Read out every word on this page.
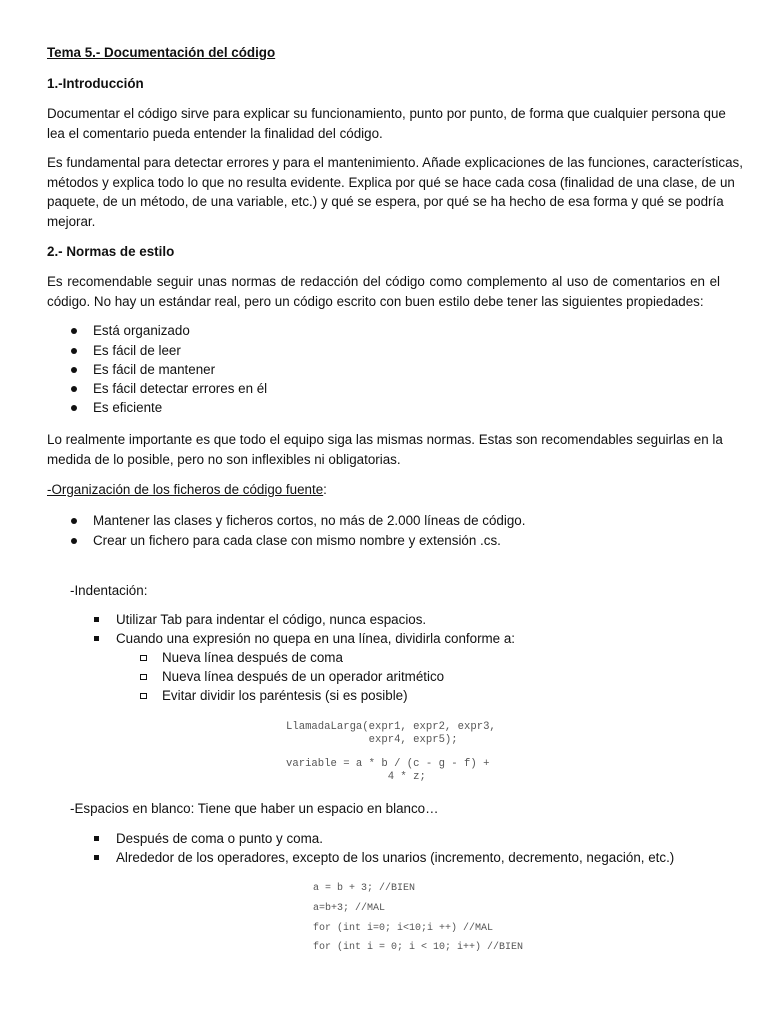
Tema 5.- Documentación del código
1.-Introducción
Documentar el código sirve para explicar su funcionamiento, punto por punto, de forma que cualquier persona que
lea el comentario pueda entender la finalidad del código.
Es fundamental para detectar errores y para el mantenimiento. Añade explicaciones de las funciones, características,
métodos y explica todo lo que no resulta evidente. Explica por qué se hace cada cosa (finalidad de una clase, de un
paquete, de un método, de una variable, etc.) y qué se espera, por qué se ha hecho de esa forma y qué se podría
mejorar.
2.- Normas de estilo
Es recomendable seguir unas normas de redacción del código como complemento al uso de comentarios en el
código. No hay un estándar real, pero un código escrito con buen estilo debe tener las siguientes propiedades:
Está organizado
Es fácil de leer
Es fácil de mantener
Es fácil detectar errores en él
Es eficiente
Lo realmente importante es que todo el equipo siga las mismas normas. Estas son recomendables seguirlas en la
medida de lo posible, pero no son inflexibles ni obligatorias.
-Organización de los ficheros de código fuente:
Mantener las clases y ficheros cortos, no más de 2.000 líneas de código.
Crear un fichero para cada clase con mismo nombre y extensión .cs.
-Indentación:
Utilizar Tab para indentar el código, nunca espacios.
Cuando una expresión no quepa en una línea, dividirla conforme a:
Nueva línea después de coma
Nueva línea después de un operador aritmético
Evitar dividir los paréntesis (si es posible)
LlamadaLarga(expr1, expr2, expr3,
expr4, expr5);
variable = a * b / (c - g - f) +
4 * z;
-Espacios en blanco: Tiene que haber un espacio en blanco…
Después de coma o punto y coma.
Alrededor de los operadores, excepto de los unarios (incremento, decremento, negación, etc.)
a = b + 3; //BIEN
a=b+3; //MAL
for (int i=0; i<10;i ++) //MAL
for (int i = 0; i < 10; i++) //BIEN
